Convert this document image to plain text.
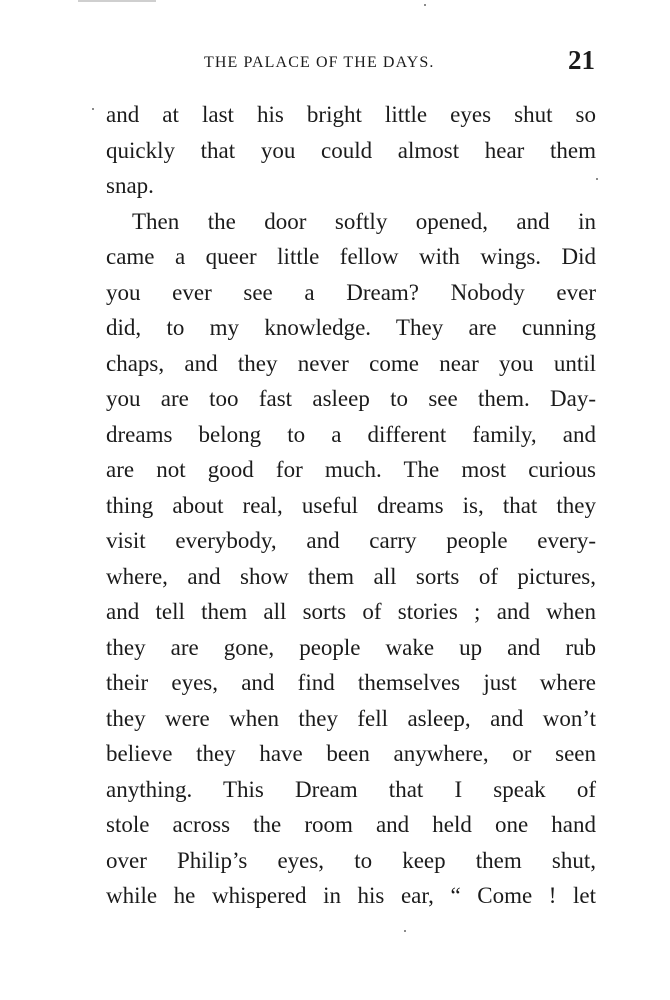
THE PALACE OF THE DAYS.	21
and at last his bright little eyes shut so
quickly that you could almost hear them
snap.
Then the door softly opened, and in
came a queer little fellow with wings. Did
you ever see a Dream? Nobody ever
did, to my knowledge. They are cunning
chaps, and they never come near you until
you are too fast asleep to see them. Day-
dreams belong to a different family, and
are not good for much. The most curious
thing about real, useful dreams is, that they
visit everybody, and carry people every-
where, and show them all sorts of pictures,
and tell them all sorts of stories ; and when
they are gone, people wake up and rub
their eyes, and find themselves just where
they were when they fell asleep, and won’t
believe they have been anywhere, or seen
anything. This Dream that I speak of
stole across the room and held one hand
over Philip’s eyes, to keep them shut,
while he whispered in his ear, “ Come ! let
